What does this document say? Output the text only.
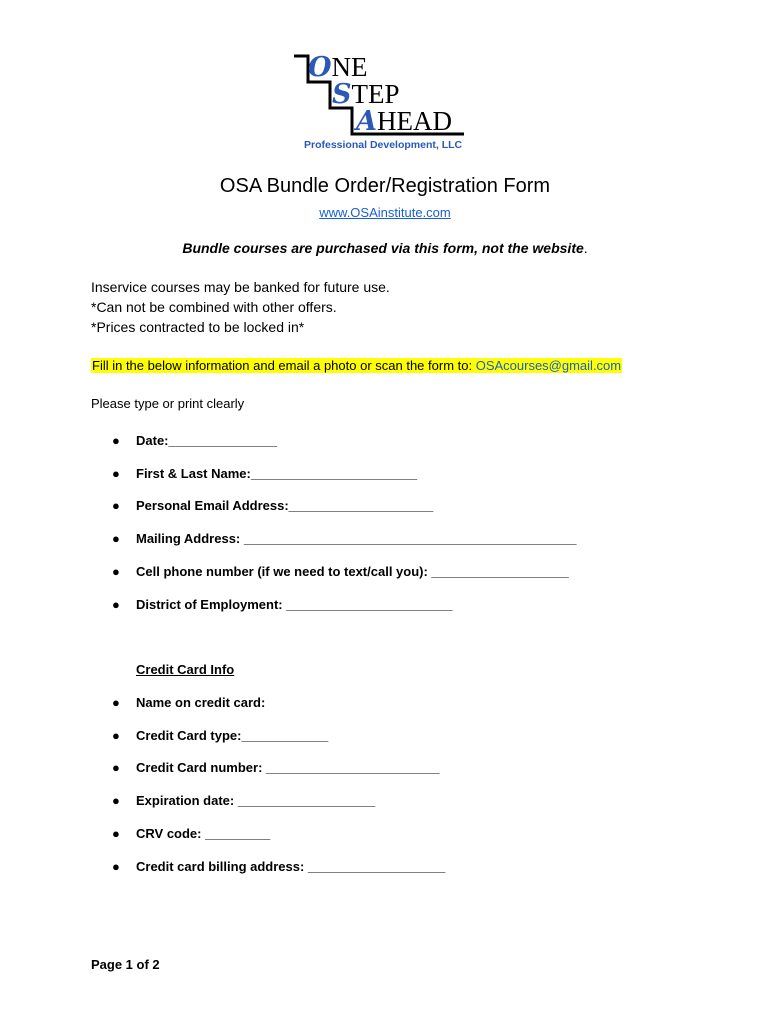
ONE
STEP
AHEAD
Professional Development, LLC
OSA Bundle Order/Registration Form
www.OSAinstitute.com
Bundle courses are purchased via this form, not the website.
Inservice courses may be banked for future use.
*Can not be combined with other offers.
*Prices contracted to be locked in*
Fill in the below information and email a photo or scan the form to: OSAcourses@gmail.com
Please type or print clearly
● Date:_______________
● First & Last Name:_______________________
● Personal Email Address:____________________
● Mailing Address: ______________________________________________
● Cell phone number (if we need to text/call you): ___________________
● District of Employment: _______________________
Credit Card Info
● Name on credit card:
● Credit Card type:____________
● Credit Card number: ________________________
● Expiration date: ___________________
● CRV code: _________
● Credit card billing address: ___________________
Page 1 of 2
